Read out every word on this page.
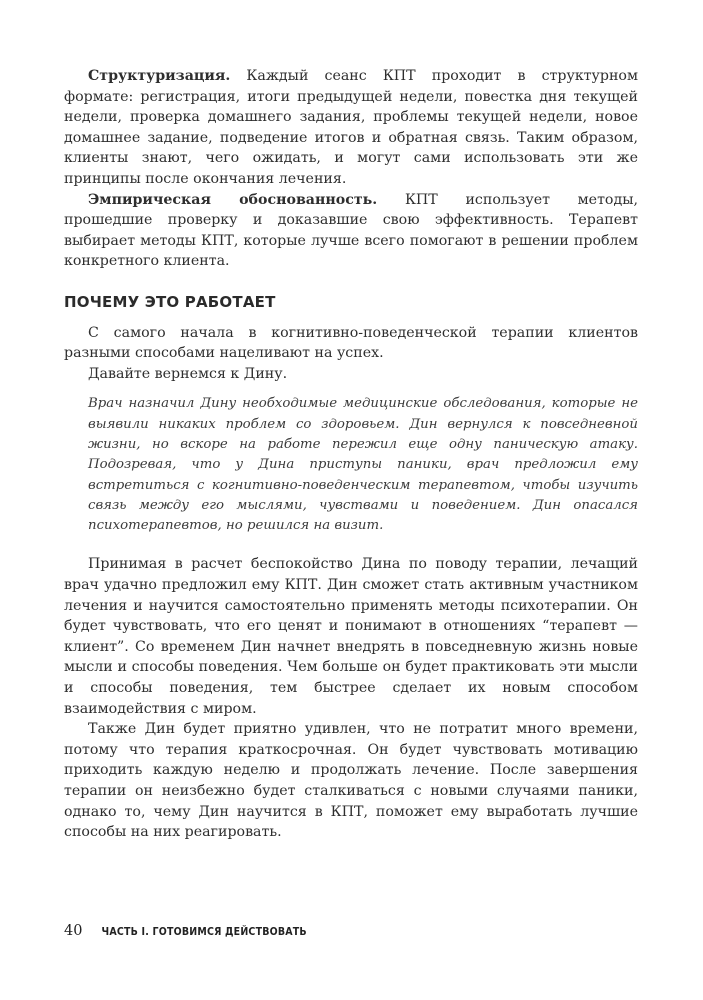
Структуризация. Каждый сеанс КПТ проходит в структурном формате: регистрация, итоги предыдущей недели, повестка дня текущей недели, проверка домашнего задания, проблемы текущей недели, новое домашнее задание, подведение итогов и обратная связь. Таким образом, клиенты знают, чего ожидать, и могут сами использовать эти же принципы после окончания лечения.

Эмпирическая обоснованность. КПТ использует методы, прошедшие проверку и доказавшие свою эффективность. Терапевт выбирает методы КПТ, которые лучше всего помогают в решении проблем конкретного клиента.

ПОЧЕМУ ЭТО РАБОТАЕТ

С самого начала в когнитивно-поведенческой терапии клиентов разными способами нацеливают на успех.

Давайте вернемся к Дину.

Врач назначил Дину необходимые медицинские обследования, которые не выявили никаких проблем со здоровьем. Дин вернулся к повседневной жизни, но вскоре на работе пережил еще одну паническую атаку. Подозревая, что у Дина приступы паники, врач предложил ему встретиться с когнитивно-поведенческим терапевтом, чтобы изучить связь между его мыслями, чувствами и поведением. Дин опасался психотерапевтов, но решился на визит.

Принимая в расчет беспокойство Дина по поводу терапии, лечащий врач удачно предложил ему КПТ. Дин сможет стать активным участником лечения и научится самостоятельно применять методы психотерапии. Он будет чувствовать, что его ценят и понимают в отношениях “терапевт — клиент”. Со временем Дин начнет внедрять в повседневную жизнь новые мысли и способы поведения. Чем больше он будет практиковать эти мысли и способы поведения, тем быстрее сделает их новым способом взаимодействия с миром.

Также Дин будет приятно удивлен, что не потратит много времени, потому что терапия краткосрочная. Он будет чувствовать мотивацию приходить каждую неделю и продолжать лечение. После завершения терапии он неизбежно будет сталкиваться с новыми случаями паники, однако то, чему Дин научится в КПТ, поможет ему выработать лучшие способы на них реагировать.

40 ЧАСТЬ I. ГОТОВИМСЯ ДЕЙСТВОВАТЬ
